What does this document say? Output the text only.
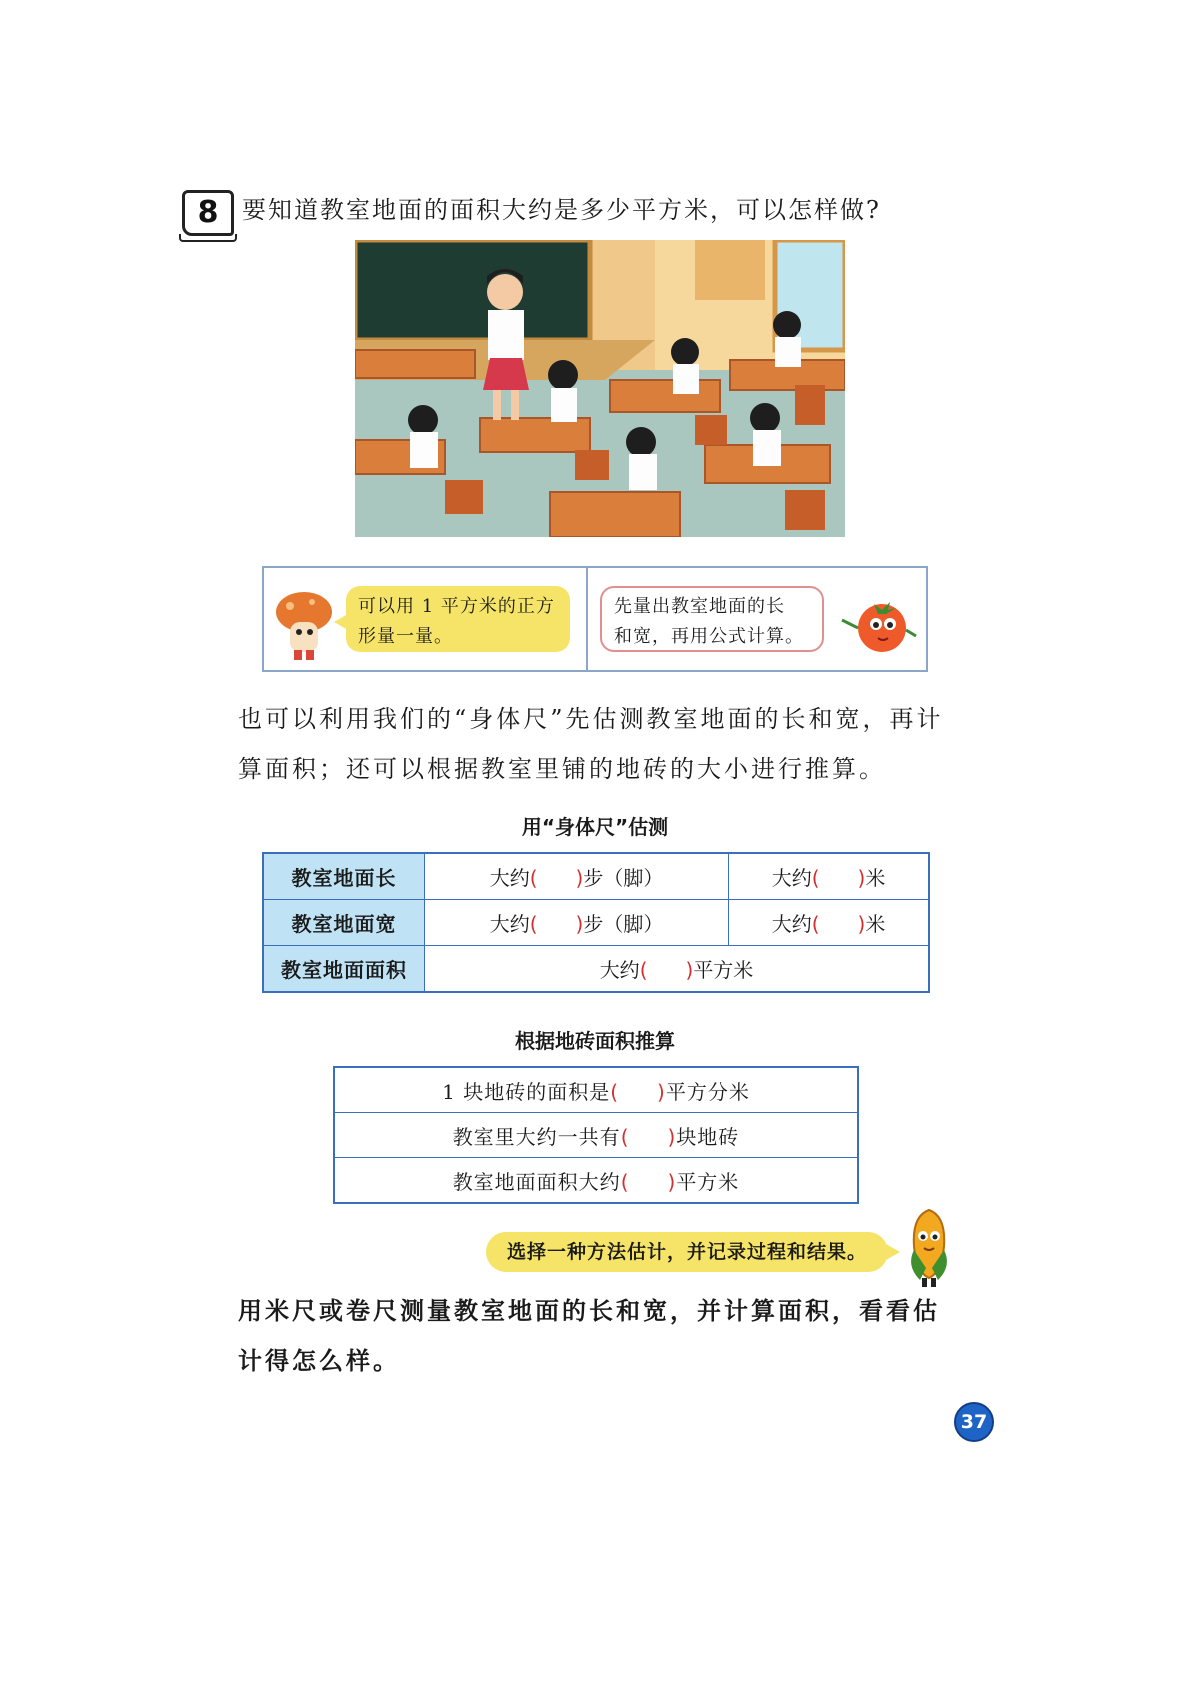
8 要知道教室地面的面积大约是多少平方米，可以怎样做?
可以用 1 平方米的正方
形量一量。
先量出教室地面的长
和宽，再用公式计算。
也可以利用我们的“身体尺”先估测教室地面的长和宽，再计算面积；还可以根据教室里铺的地砖的大小进行推算。
用“身体尺”估测
教室地面长	大约( )步（脚）	大约( )米
教室地面宽	大约( )步（脚）	大约( )米
教室地面面积	大约( )平方米	
根据地砖面积推算
1 块地砖的面积是( )平方分米
教室里大约一共有( )块地砖
教室地面面积大约( )平方米
选择一种方法估计，并记录过程和结果。
用米尺或卷尺测量教室地面的长和宽，并计算面积，看看估计得怎么样。
37
